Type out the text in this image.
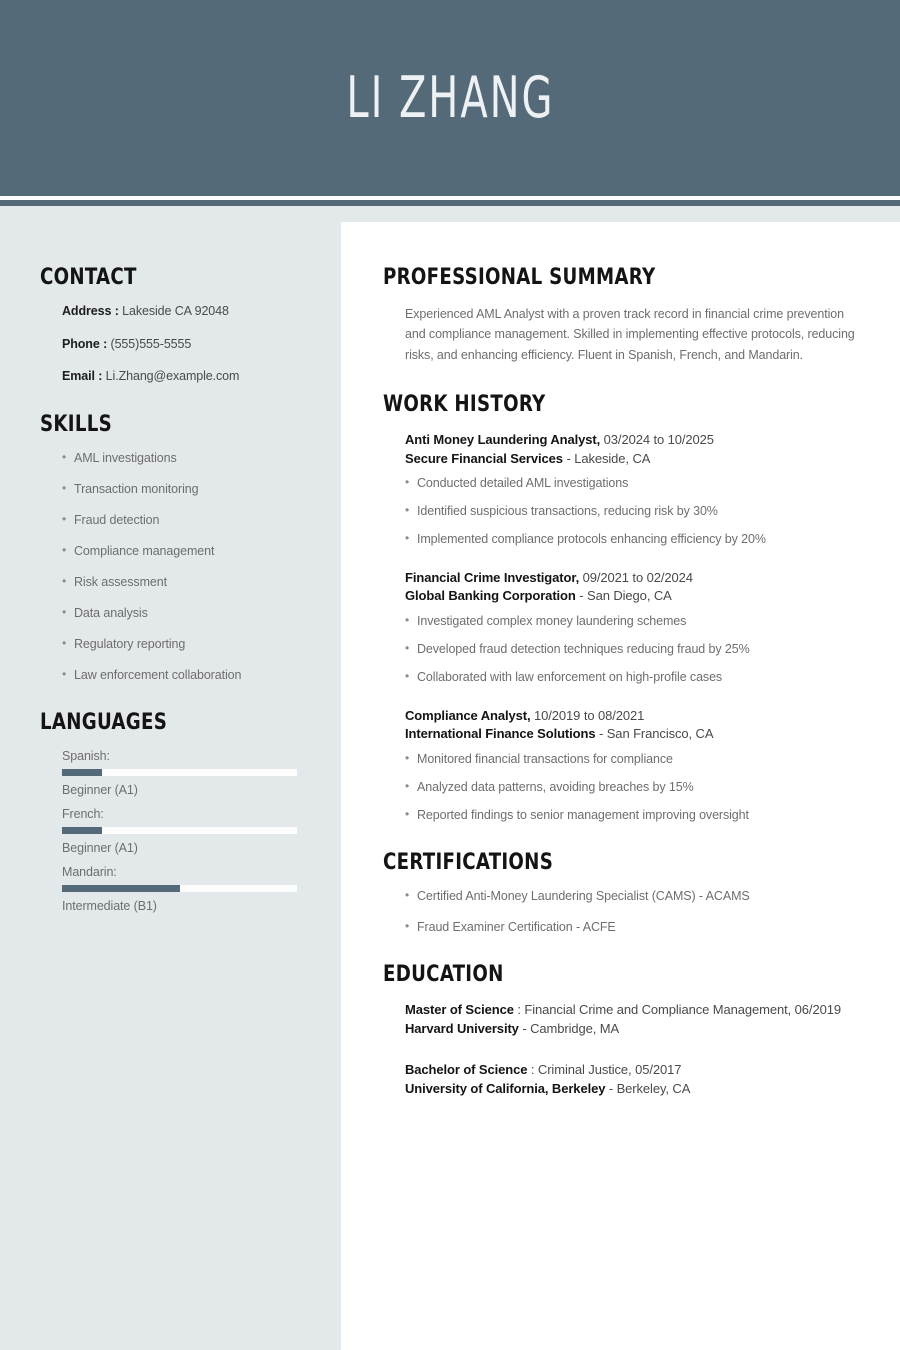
LI ZHANG
CONTACT

Address : Lakeside CA 92048

Phone : (555)555-5555

Email : Li.Zhang@example.com

SKILLS
• AML investigations
• Transaction monitoring
• Fraud detection
• Compliance management
• Risk assessment
• Data analysis
• Regulatory reporting
• Law enforcement collaboration
LANGUAGES
Spanish:
Beginner (A1)
French:
Beginner (A1)
Mandarin:
Intermediate (B1)
PROFESSIONAL SUMMARY

Experienced AML Analyst with a proven track record in financial crime prevention and compliance management. Skilled in implementing effective protocols, reducing risks, and enhancing efficiency. Fluent in Spanish, French, and Mandarin.

WORK HISTORY
Anti Money Laundering Analyst, 03/2024 to 10/2025
Secure Financial Services - Lakeside, CA
• Conducted detailed AML investigations
• Identified suspicious transactions, reducing risk by 30%
• Implemented compliance protocols enhancing efficiency by 20%
Financial Crime Investigator, 09/2021 to 02/2024
Global Banking Corporation - San Diego, CA
• Investigated complex money laundering schemes
• Developed fraud detection techniques reducing fraud by 25%
• Collaborated with law enforcement on high-profile cases
Compliance Analyst, 10/2019 to 08/2021
International Finance Solutions - San Francisco, CA
• Monitored financial transactions for compliance
• Analyzed data patterns, avoiding breaches by 15%
• Reported findings to senior management improving oversight
CERTIFICATIONS
• Certified Anti-Money Laundering Specialist (CAMS) - ACAMS
• Fraud Examiner Certification - ACFE
EDUCATION
Master of Science : Financial Crime and Compliance Management, 06/2019
Harvard University - Cambridge, MA
Bachelor of Science : Criminal Justice, 05/2017
University of California, Berkeley - Berkeley, CA
